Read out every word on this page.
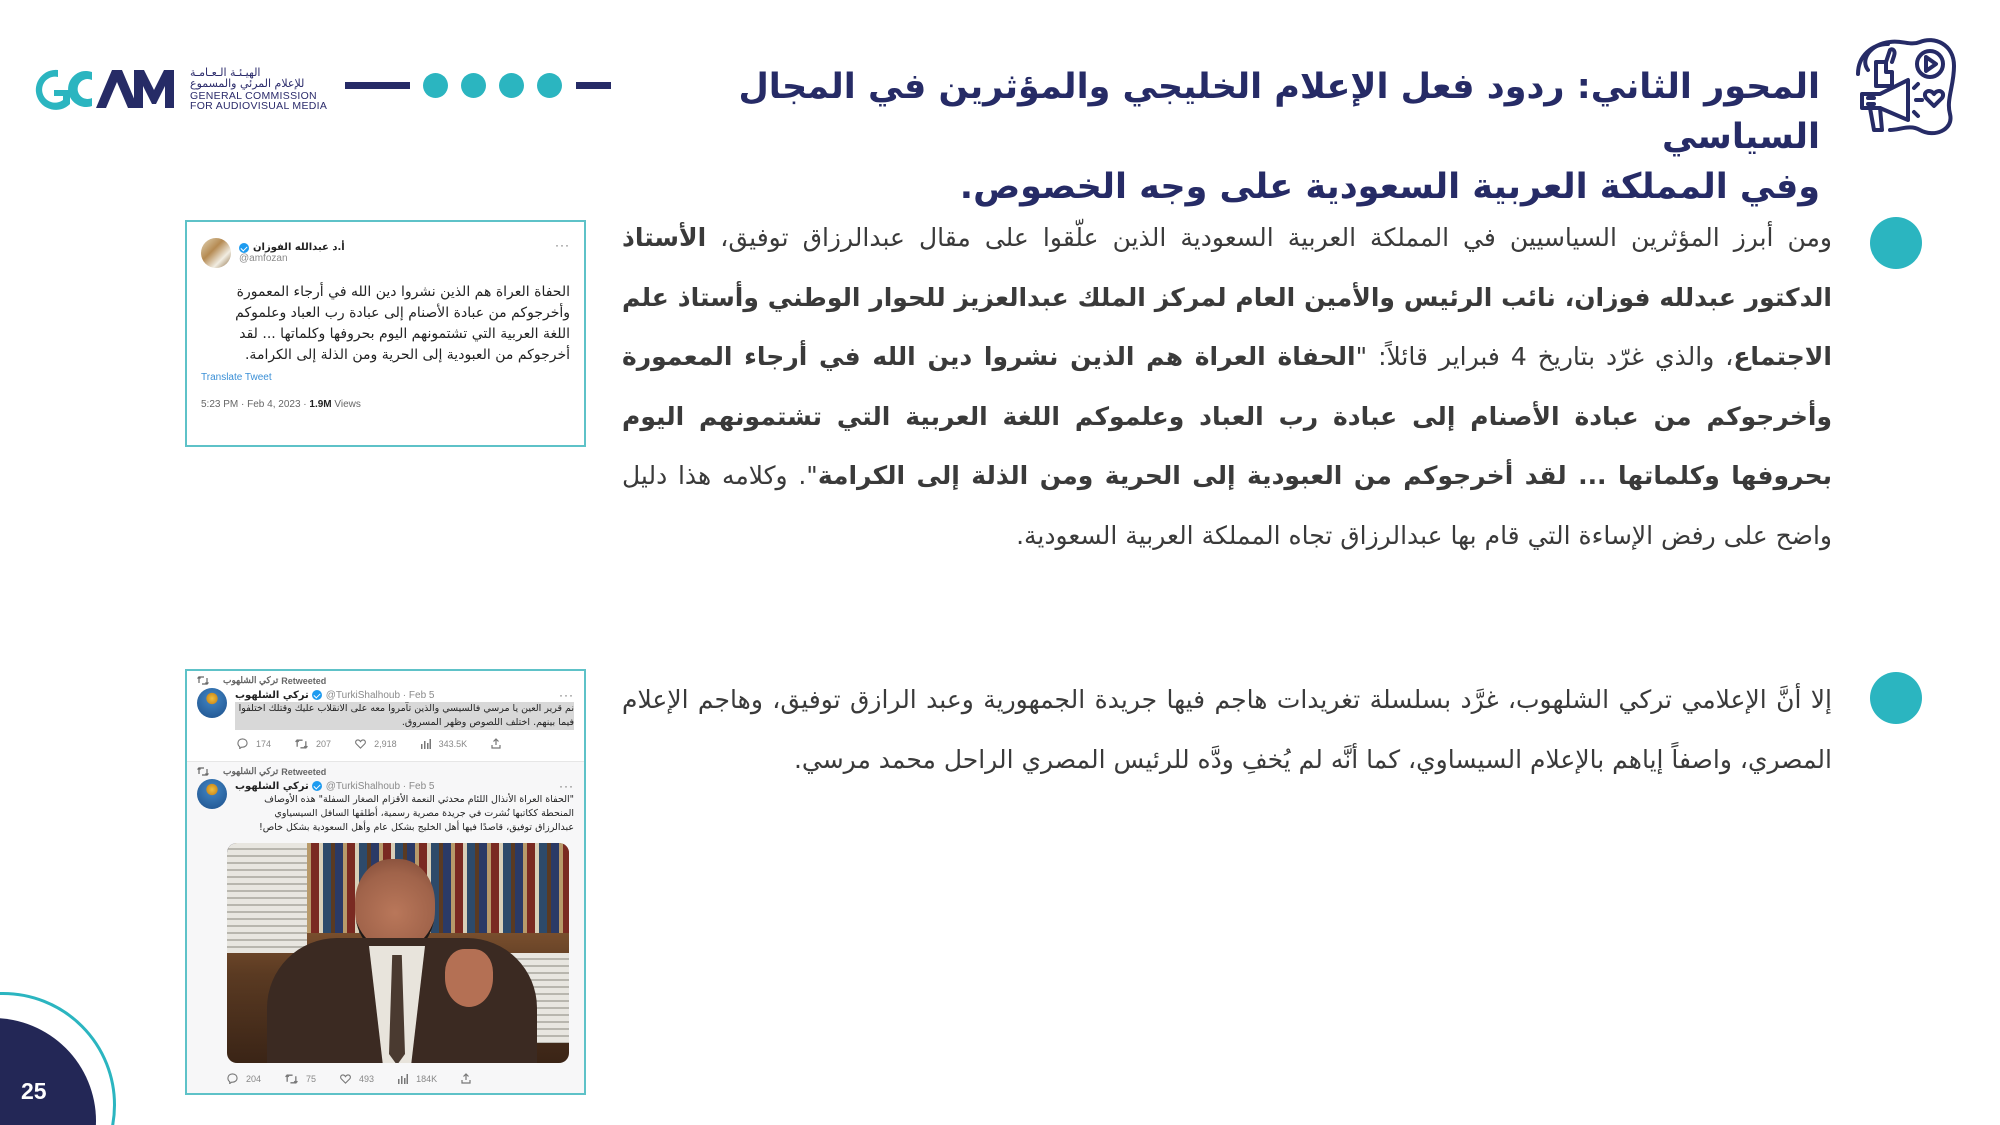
الهيـئـة الـعـامـة
للإعلام المرئي والمسموع
GENERAL COMMISSION
FOR AUDIOVISUAL MEDIA	المحور الثاني: ردود فعل الإعلام الخليجي والمؤثرين في المجال السياسي
وفي المملكة العربية السعودية على وجه الخصوص.
ومن أبرز المؤثرين السياسيين في المملكة العربية السعودية الذين علّقوا على مقال عبدالرزاق توفيق، الأستاذ الدكتور عبدلله فوزان، نائب الرئيس والأمين العام لمركز الملك عبدالعزيز للحوار الوطني وأستاذ علم الاجتماع، والذي غرّد بتاريخ 4 فبراير قائلاً: "الحفاة العراة هم الذين نشروا دين الله في أرجاء المعمورة وأخرجوكم من عبادة الأصنام إلى عبادة رب العباد وعلموكم اللغة العربية التي تشتمونهم اليوم بحروفها وكلماتها ... لقد أخرجوكم من العبودية إلى الحرية ومن الذلة إلى الكرامة". وكلامه هذا دليل واضح على رفض الإساءة التي قام بها عبدالرزاق تجاه المملكة العربية السعودية.
···
أ.د عبدالله الفوزان
@amfozan
الحفاة العراة هم الذين نشروا دين الله في أرجاء المعمورة وأخرجوكم من عبادة الأصنام إلى عبادة رب العباد وعلموكم اللغة العربية التي تشتمونهم اليوم بحروفها وكلماتها ... لقد أخرجوكم من العبودية إلى الحرية ومن الذلة إلى الكرامة.
Translate Tweet
5:23 PM · Feb 4, 2023 · 1.9M Views
إلا أنَّ الإعلامي تركي الشلهوب، غرَّد بسلسلة تغريدات هاجم فيها جريدة الجمهورية وعبد الرازق توفيق، وهاجم الإعلام المصري، واصفاً إياهم بالإعلام السيساوي، كما أنَّه لم يُخفِ ودَّه للرئيس المصري الراحل محمد مرسي.
تركي الشلهوب Retweeted
تركي الشلهوب @TurkiShalhoub · Feb 5	···
نم قرير العين يا مرسي فالسيسي والذين تآمروا معه على الانقلاب عليك وقتلك اختلفوا فيما بينهم. اختلف اللصوص وظهر المسروق.
174	207	2,918	343.5K
تركي الشلهوب Retweeted
تركي الشلهوب @TurkiShalhoub · Feb 5	···
"الحفاة العراة الأنذال اللئام محدثي النعمة الأقزام الصغار السفلة" هذه الأوصاف المنحطة ككاتبها نُشرت في جريدة مصرية رسمية، أطلقها السافل السيسياوي عبدالرزاق توفيق، قاصدًا فيها أهل الخليج بشكل عام وأهل السعودية بشكل خاص!
204	75	493	184K
25
